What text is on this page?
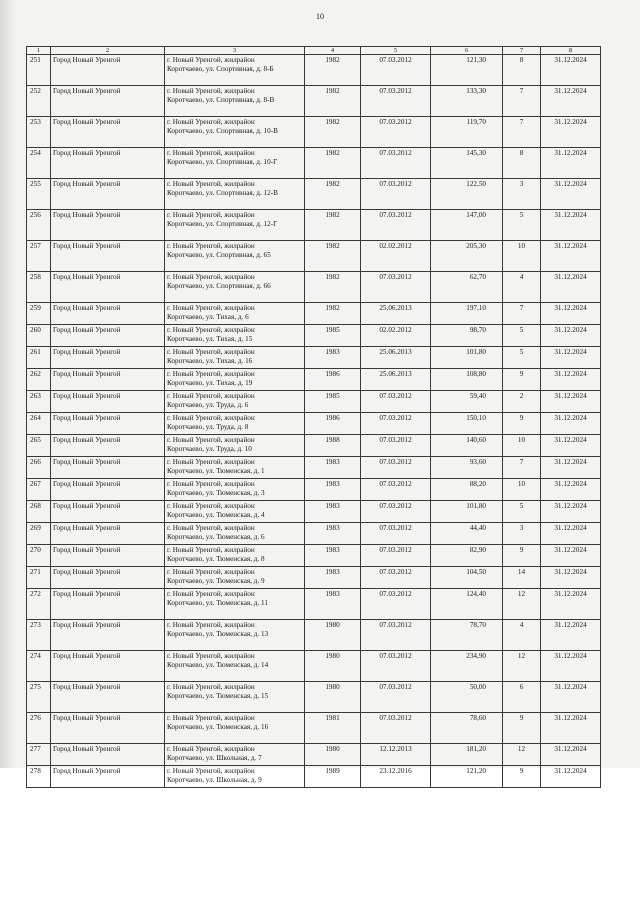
10
1	2	3	4	5	6	7	8
251	Город Новый Уренгой	г. Новый Уренгой, жилрайон
Коротчаево, ул. Спортивная, д. 8-Б	1982	07.03.2012	121,30	8	31.12.2024
252	Город Новый Уренгой	г. Новый Уренгой, жилрайон
Коротчаево, ул. Спортивная, д. 8-В	1982	07.03.2012	133,30	7	31.12.2024
253	Город Новый Уренгой	г. Новый Уренгой, жилрайон
Коротчаево, ул. Спортивная, д. 10-В	1982	07.03.2012	119,70	7	31.12.2024
254	Город Новый Уренгой	г. Новый Уренгой, жилрайон
Коротчаево, ул. Спортивная, д. 10-Г	1982	07.03.2012	145,30	8	31.12.2024
255	Город Новый Уренгой	г. Новый Уренгой, жилрайон
Коротчаево, ул. Спортивная, д. 12-В	1982	07.03.2012	122,50	3	31.12.2024
256	Город Новый Уренгой	г. Новый Уренгой, жилрайон
Коротчаево, ул. Спортивная, д. 12-Г	1982	07.03.2012	147,00	5	31.12.2024
257	Город Новый Уренгой	г. Новый Уренгой, жилрайон
Коротчаево, ул. Спортивная, д. 65	1982	02.02.2012	205,30	10	31.12.2024
258	Город Новый Уренгой	г. Новый Уренгой, жилрайон
Коротчаево, ул. Спортивная, д. 66	1982	07.03.2012	62,70	4	31.12.2024
259	Город Новый Уренгой	г. Новый Уренгой, жилрайон
Коротчаево, ул. Тихая, д. 6	1982	25.06.2013	197,10	7	31.12.2024
260	Город Новый Уренгой	г. Новый Уренгой, жилрайон
Коротчаево, ул. Тихая, д. 15	1985	02.02.2012	98,70	5	31.12.2024
261	Город Новый Уренгой	г. Новый Уренгой, жилрайон
Коротчаево, ул. Тихая, д. 16	1983	25.06.2013	101,80	5	31.12.2024
262	Город Новый Уренгой	г. Новый Уренгой, жилрайон
Коротчаево, ул. Тихая, д. 19	1986	25.06.2013	108,80	9	31.12.2024
263	Город Новый Уренгой	г. Новый Уренгой, жилрайон
Коротчаево, ул. Труда, д. 6	1985	07.03.2012	59,40	2	31.12.2024
264	Город Новый Уренгой	г. Новый Уренгой, жилрайон
Коротчаево, ул. Труда, д. 8	1986	07.03.2012	150,10	9	31.12.2024
265	Город Новый Уренгой	г. Новый Уренгой, жилрайон
Коротчаево, ул. Труда, д. 10	1988	07.03.2012	140,60	10	31.12.2024
266	Город Новый Уренгой	г. Новый Уренгой, жилрайон
Коротчаево, ул. Тюменская, д. 1	1983	07.03.2012	93,60	7	31.12.2024
267	Город Новый Уренгой	г. Новый Уренгой, жилрайон
Коротчаево, ул. Тюменская, д. 3	1983	07.03.2012	88,20	10	31.12.2024
268	Город Новый Уренгой	г. Новый Уренгой, жилрайон
Коротчаево, ул. Тюменская, д. 4	1983	07.03.2012	101,80	5	31.12.2024
269	Город Новый Уренгой	г. Новый Уренгой, жилрайон
Коротчаево, ул. Тюменская, д. 6	1983	07.03.2012	44,40	3	31.12.2024
270	Город Новый Уренгой	г. Новый Уренгой, жилрайон
Коротчаево, ул. Тюменская, д. 8	1983	07.03.2012	82,90	9	31.12.2024
271	Город Новый Уренгой	г. Новый Уренгой, жилрайон
Коротчаево, ул. Тюменская, д. 9	1983	07.03.2012	104,50	14	31.12.2024
272	Город Новый Уренгой	г. Новый Уренгой, жилрайон
Коротчаево, ул. Тюменская, д. 11	1983	07.03.2012	124,40	12	31.12.2024
273	Город Новый Уренгой	г. Новый Уренгой, жилрайон
Коротчаево, ул. Тюменская, д. 13	1980	07.03.2012	78,70	4	31.12.2024
274	Город Новый Уренгой	г. Новый Уренгой, жилрайон
Коротчаево, ул. Тюменская, д. 14	1980	07.03.2012	234,90	12	31.12.2024
275	Город Новый Уренгой	г. Новый Уренгой, жилрайон
Коротчаево, ул. Тюменская, д. 15	1980	07.03.2012	50,00	6	31.12.2024
276	Город Новый Уренгой	г. Новый Уренгой, жилрайон
Коротчаево, ул. Тюменская, д. 16	1981	07.03.2012	78,60	9	31.12.2024
277	Город Новый Уренгой	г. Новый Уренгой, жилрайон
Коротчаево, ул. Школьная, д. 7	1980	12.12.2013	181,20	12	31.12.2024
278	Город Новый Уренгой	г. Новый Уренгой, жилрайон
Коротчаево, ул. Школьная, д. 9	1989	23.12.2016	121,20	9	31.12.2024
